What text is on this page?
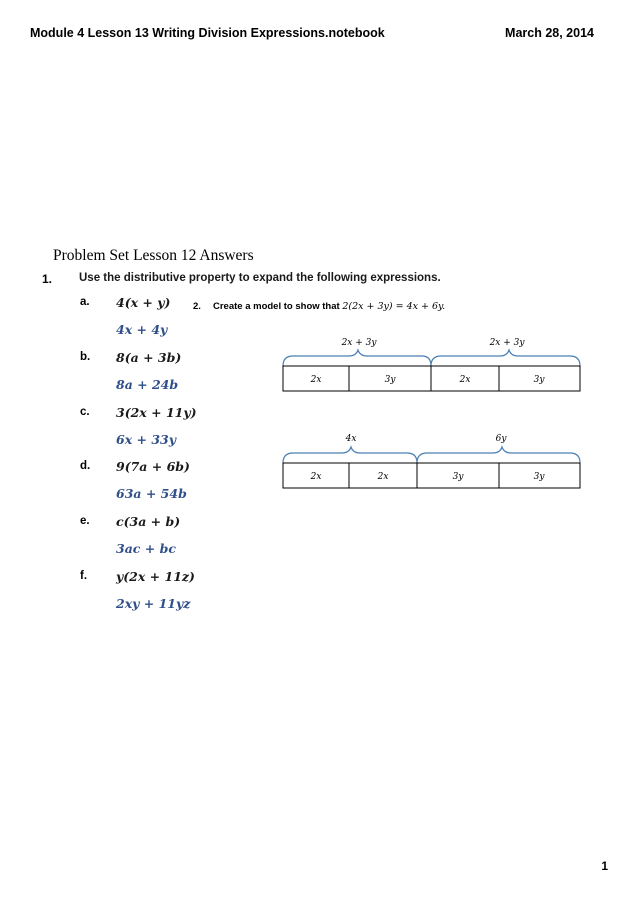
Module 4 Lesson 13 Writing Division Expressions.notebook	March 28, 2014
Problem Set Lesson 12 Answers
1. Use the distributive property to expand the following expressions.
a. 4(x + y)
4x + 4y
b. 8(a + 3b)
8a + 24b
c. 3(2x + 11y)
6x + 33y
d. 9(7a + 6b)
63a + 54b
e. c(3a + b)
3ac + bc
f. y(2x + 11z)
2xy + 11yz
2. Create a model to show that 2(2x + 3y) = 4x + 6y.
2x + 3y	2x + 3y
2x	3y	2x	3y
4x	6y
2x	2x	3y	3y
1
